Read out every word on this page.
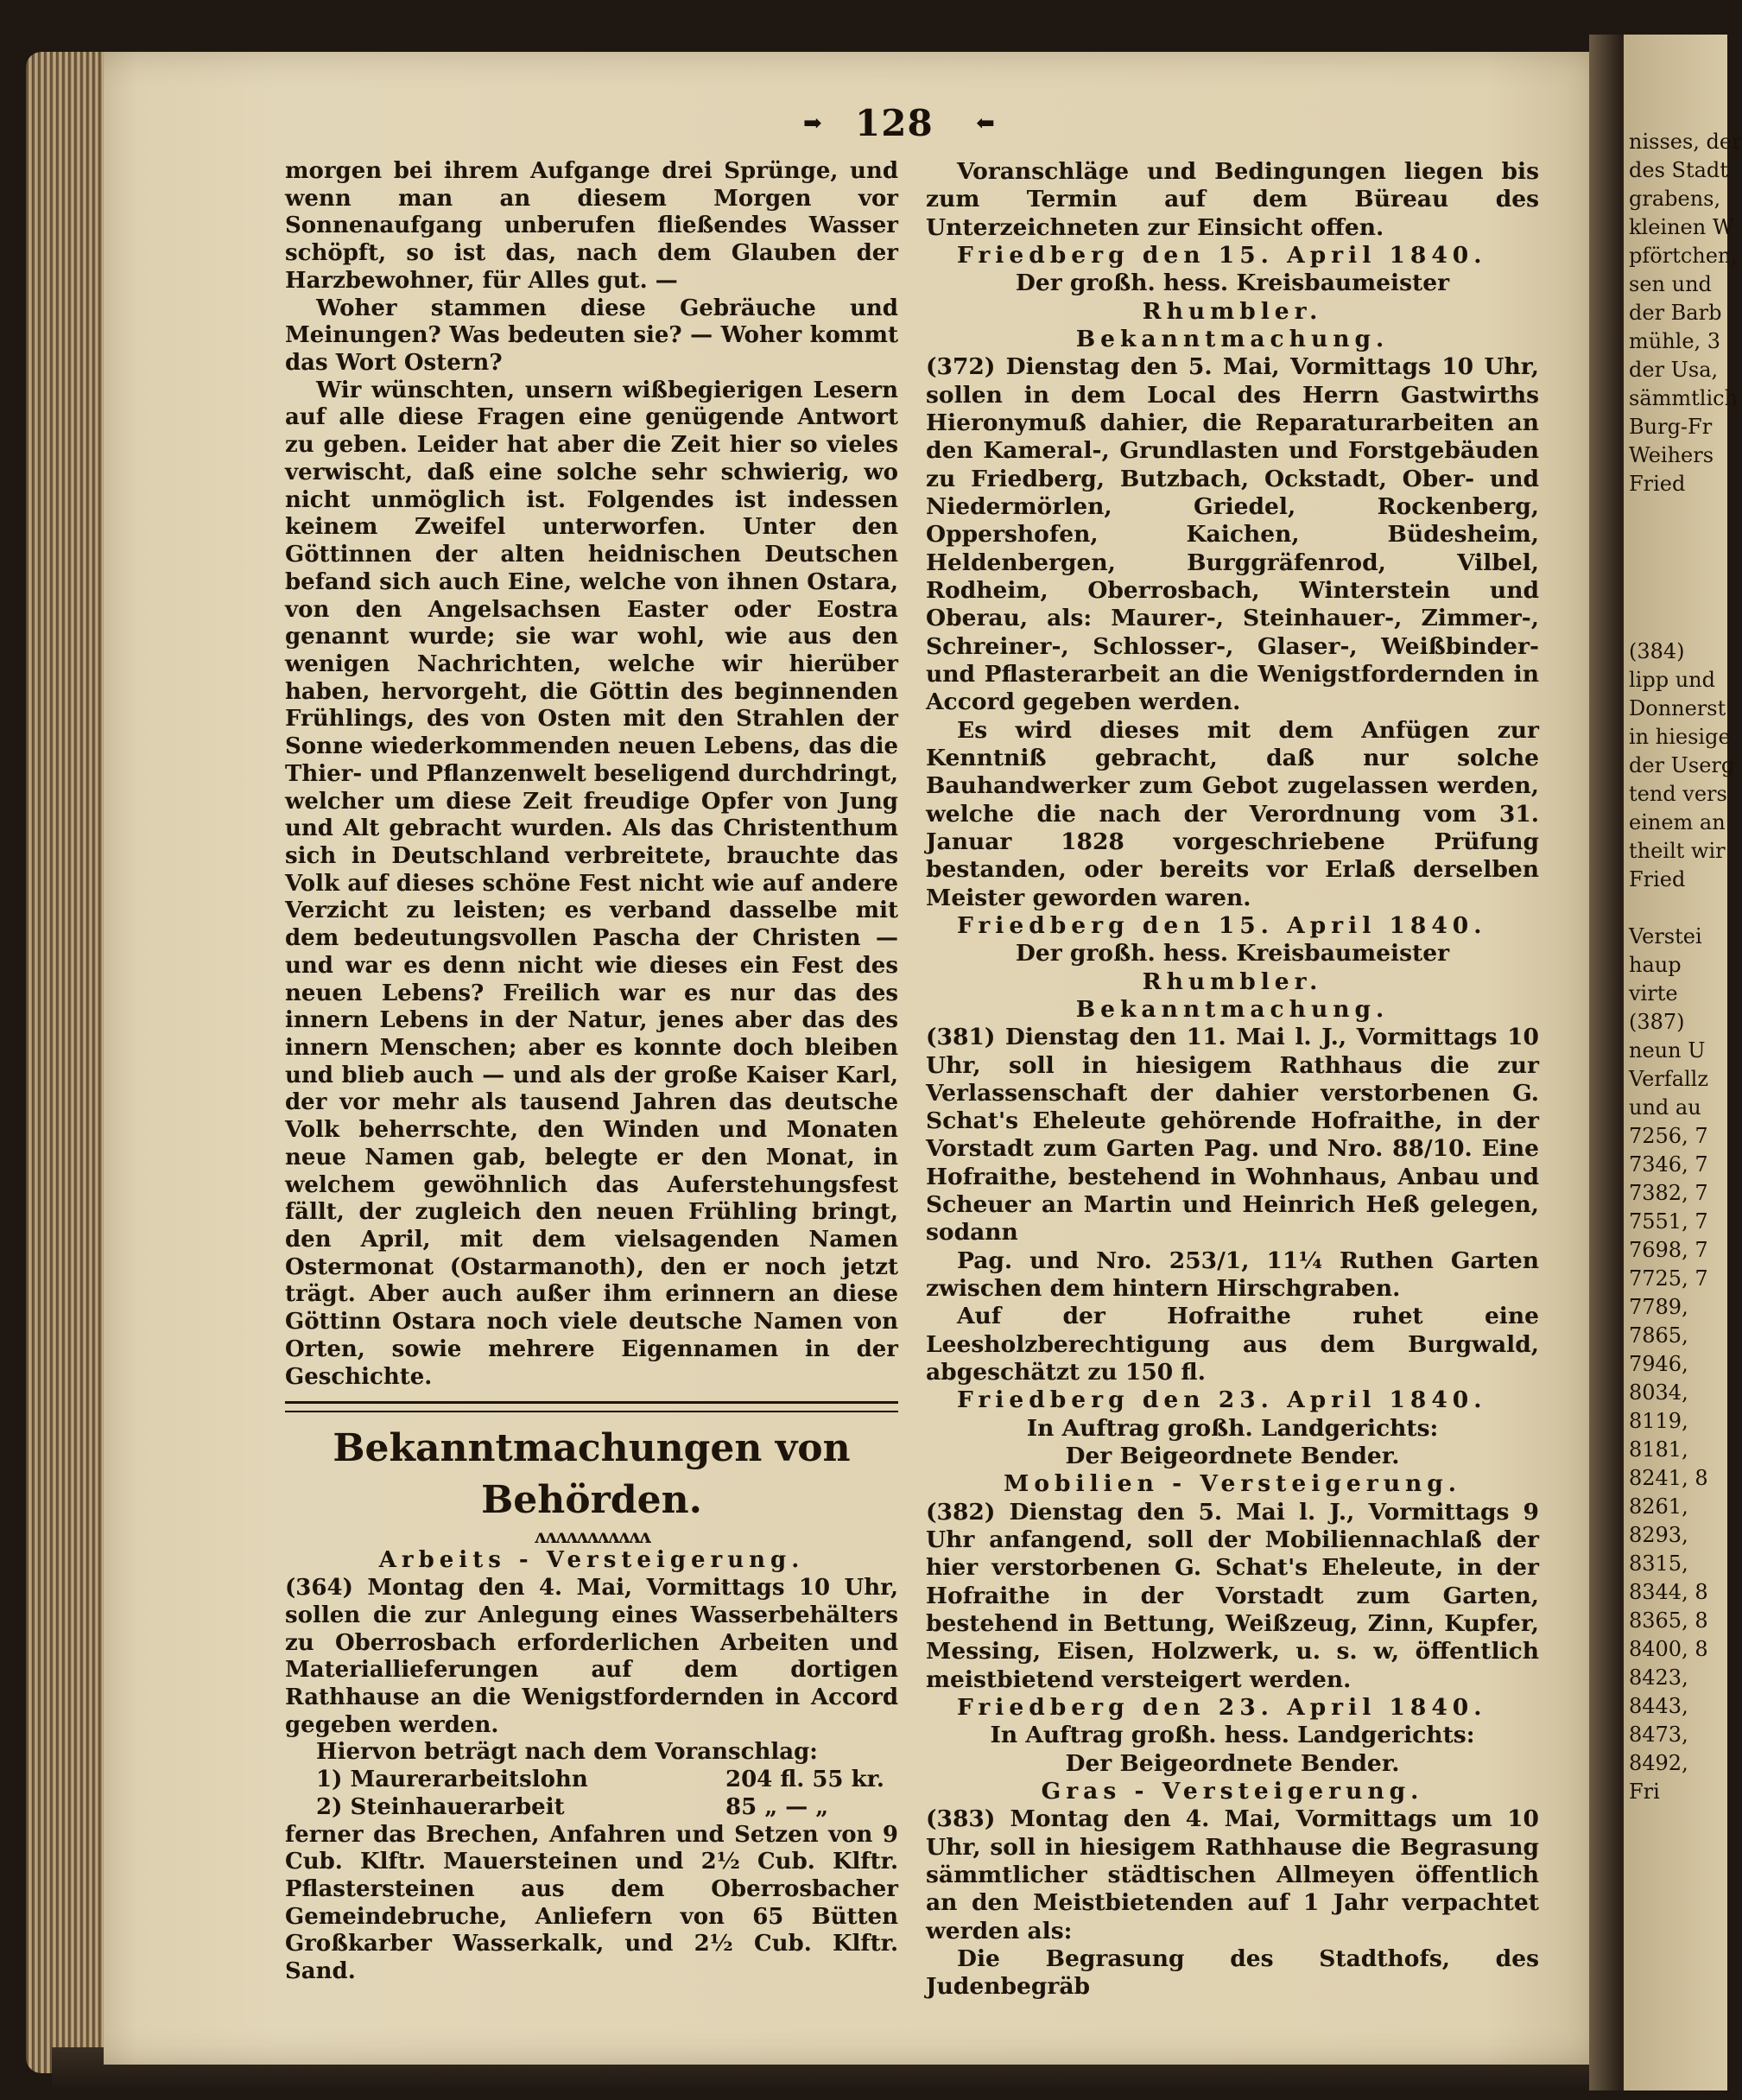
nisses, der
des Stadt
grabens,
kleinen W
pförtchen,
sen und
der Barb
mühle, 3
der Usa,
sämmtlich
Burg-Fr
Weihers
Fried
(384)
lipp und
Donnerst
in hiesige
der Userg
tend vers
einem an
theilt wir
Fried
Verstei
haup
virte
(387)
neun U
Verfallz
und au
7256, 7
7346, 7
7382, 7
7551, 7
7698, 7
7725, 7
7789,
7865,
7946,
8034,
8119,
8181,
8241, 8
8261,
8293,
8315,
8344, 8
8365, 8
8400, 8
8423,
8443,
8473,
8492,
Fri
➡ 128 ⬅

morgen bei ihrem Aufgange drei Sprünge, und wenn man an diesem Morgen vor Sonnenaufgang unberufen fließendes Wasser schöpft, so ist das, nach dem Glauben der Harzbewohner, für Alles gut. —

Woher stammen diese Gebräuche und Meinungen? Was bedeuten sie? — Woher kommt das Wort Ostern?

Wir wünschten, unsern wißbegierigen Lesern auf alle diese Fragen eine genügende Antwort zu geben. Leider hat aber die Zeit hier so vieles verwischt, daß eine solche sehr schwierig, wo nicht unmöglich ist. Folgendes ist indessen keinem Zweifel unterworfen. Unter den Göttinnen der alten heidnischen Deutschen befand sich auch Eine, welche von ihnen Ostara, von den Angelsachsen Easter oder Eostra genannt wurde; sie war wohl, wie aus den wenigen Nachrichten, welche wir hierüber haben, hervorgeht, die Göttin des beginnenden Frühlings, des von Osten mit den Strahlen der Sonne wiederkommenden neuen Lebens, das die Thier- und Pflanzenwelt beseligend durchdringt, welcher um diese Zeit freudige Opfer von Jung und Alt gebracht wurden. Als das Christenthum sich in Deutschland verbreitete, brauchte das Volk auf dieses schöne Fest nicht wie auf andere Verzicht zu leisten; es verband dasselbe mit dem bedeutungsvollen Pascha der Christen — und war es denn nicht wie dieses ein Fest des neuen Lebens? Freilich war es nur das des innern Lebens in der Natur, jenes aber das des innern Menschen; aber es konnte doch bleiben und blieb auch — und als der große Kaiser Karl, der vor mehr als tausend Jahren das deutsche Volk beherrschte, den Winden und Monaten neue Namen gab, belegte er den Monat, in welchem gewöhnlich das Auferstehungsfest fällt, der zugleich den neuen Frühling bringt, den April, mit dem vielsagenden Namen Ostermonat (Ostarmanoth), den er noch jetzt trägt. Aber auch außer ihm erinnern an diese Göttinn Ostara noch viele deutsche Namen von Orten, sowie mehrere Eigennamen in der Geschichte.

Bekanntmachungen von Behörden.
ᴧᴧᴧᴧᴧᴧᴧᴧᴧᴧᴧ

Arbeits - Versteigerung.

(364) Montag den 4. Mai, Vormittags 10 Uhr, sollen die zur Anlegung eines Wasserbehälters zu Oberrosbach erforderlichen Arbeiten und Materiallieferungen auf dem dortigen Rathhause an die Wenigstfordernden in Accord gegeben werden.

Hiervon beträgt nach dem Voranschlag:

1) Maurerarbeitslohn	204 fl. 55 kr.
2) Steinhauerarbeit	85 „ — „

ferner das Brechen, Anfahren und Setzen von 9 Cub. Klftr. Mauersteinen und 2½ Cub. Klftr. Pflastersteinen aus dem Oberrosbacher Gemeindebruche, Anliefern von 65 Bütten Großkarber Wasserkalk, und 2½ Cub. Klftr. Sand.

Voranschläge und Bedingungen liegen bis zum Termin auf dem Büreau des Unterzeichneten zur Einsicht offen.

Friedberg den 15. April 1840.

Der großh. hess. Kreisbaumeister

Rhumbler.

Bekanntmachung.

(372) Dienstag den 5. Mai, Vormittags 10 Uhr, sollen in dem Local des Herrn Gastwirths Hieronymuß dahier, die Reparaturarbeiten an den Kameral-, Grundlasten und Forstgebäuden zu Friedberg, Butzbach, Ockstadt, Ober- und Niedermörlen, Griedel, Rockenberg, Oppershofen, Kaichen, Büdesheim, Heldenbergen, Burggräfenrod, Vilbel, Rodheim, Oberrosbach, Winterstein und Oberau, als: Maurer-, Steinhauer-, Zimmer-, Schreiner-, Schlosser-, Glaser-, Weißbinder- und Pflasterarbeit an die Wenigstfordernden in Accord gegeben werden.

Es wird dieses mit dem Anfügen zur Kenntniß gebracht, daß nur solche Bauhandwerker zum Gebot zugelassen werden, welche die nach der Verordnung vom 31. Januar 1828 vorgeschriebene Prüfung bestanden, oder bereits vor Erlaß derselben Meister geworden waren.

Friedberg den 15. April 1840.

Der großh. hess. Kreisbaumeister

Rhumbler.

Bekanntmachung.

(381) Dienstag den 11. Mai l. J., Vormittags 10 Uhr, soll in hiesigem Rathhaus die zur Verlassenschaft der dahier verstorbenen G. Schat's Eheleute gehörende Hofraithe, in der Vorstadt zum Garten Pag. und Nro. 88/10. Eine Hofraithe, bestehend in Wohnhaus, Anbau und Scheuer an Martin und Heinrich Heß gelegen, sodann

Pag. und Nro. 253/1, 11¼ Ruthen Garten zwischen dem hintern Hirschgraben.

Auf der Hofraithe ruhet eine Leesholzberechtigung aus dem Burgwald, abgeschätzt zu 150 fl.

Friedberg den 23. April 1840.

In Auftrag großh. Landgerichts:

Der Beigeordnete Bender.

Mobilien - Versteigerung.

(382) Dienstag den 5. Mai l. J., Vormittags 9 Uhr anfangend, soll der Mobiliennachlaß der hier verstorbenen G. Schat's Eheleute, in der Hofraithe in der Vorstadt zum Garten, bestehend in Bettung, Weißzeug, Zinn, Kupfer, Messing, Eisen, Holzwerk, u. s. w, öffentlich meistbietend versteigert werden.

Friedberg den 23. April 1840.

In Auftrag großh. hess. Landgerichts:

Der Beigeordnete Bender.

Gras - Versteigerung.

(383) Montag den 4. Mai, Vormittags um 10 Uhr, soll in hiesigem Rathhause die Begrasung sämmtlicher städtischen Allmeyen öffentlich an den Meistbietenden auf 1 Jahr verpachtet werden als:

Die Begrasung des Stadthofs, des Judenbegräb
